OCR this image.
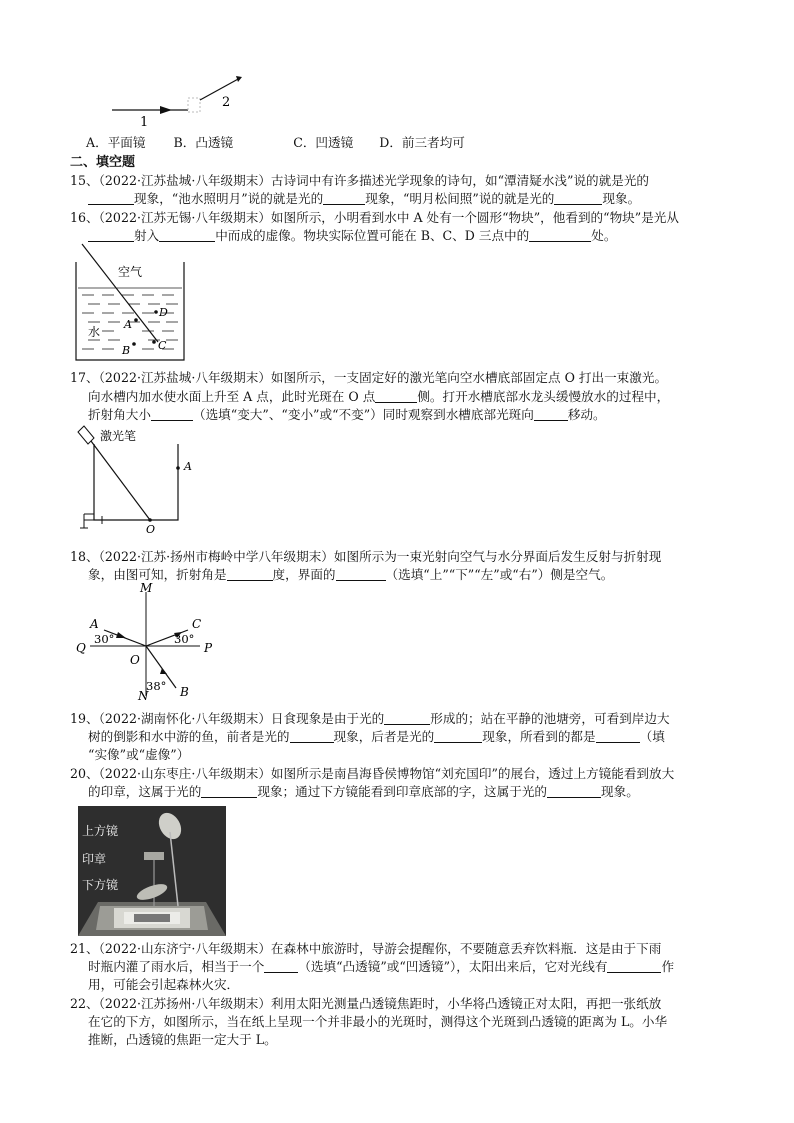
1
2
A．平面镜 B．凸透镜	C．凹透镜 D．前三者均可
二、填空题
15、（2022·江苏盐城·八年级期末）古诗词中有许多描述光学现象的诗句，如“潭清疑水浅”说的就是光的
现象，“池水照明月”说的就是光的	现象，“明月松间照”说的就是光的	现象。
16、（2022·江苏无锡·八年级期末）如图所示，小明看到水中 A 处有一个圆形“物块”，他看到的“物块”是光从
射入	中而成的虚像。物块实际位置可能在 B、C、D 三点中的	处。
空气
水
D
A
B	C
17、（2022·江苏盐城·八年级期末）如图所示，一支固定好的激光笔向空水槽底部固定点 O 打出一束激光。
向水槽内加水使水面上升至 A 点，此时光斑在 O 点	侧。打开水槽底部水龙头缓慢放水的过程中，
折射角大小	（选填“变大”、“变小”或“不变”）同时观察到水槽底部光斑向	移动。
激光笔
A
O
18、（2022·江苏·扬州市梅岭中学八年级期末）如图所示为一束光射向空气与水分界面后发生反射与折射现
象，由图可知，折射角是	度，界面的	（选填“上”“下”“左”或“右”）侧是空气。
M
A	C
30°	30°
Q	P
O
38°
N	B
19、（2022·湖南怀化·八年级期末）日食现象是由于光的	形成的；站在平静的池塘旁，可看到岸边大
树的倒影和水中游的鱼，前者是光的	现象，后者是光的	现象，所看到的都是	（填
“实像”或“虚像”）
20、（2022·山东枣庄·八年级期末）如图所示是南昌海昏侯博物馆“刘充国印”的展台，透过上方镜能看到放大
的印章，这属于光的	现象；通过下方镜能看到印章底部的字，这属于光的	现象。
上方镜
印章
下方镜
21、（2022·山东济宁·八年级期末）在森林中旅游时，导游会提醒你，不要随意丢弃饮料瓶．这是由于下雨
时瓶内灌了雨水后，相当于一个	（选填“凸透镜”或“凹透镜”），太阳出来后，它对光线有	作
用，可能会引起森林火灾．
22、（2022·江苏扬州·八年级期末）利用太阳光测量凸透镜焦距时，小华将凸透镜正对太阳，再把一张纸放
在它的下方，如图所示，当在纸上呈现一个并非最小的光斑时，测得这个光斑到凸透镜的距离为 L。小华
推断，凸透镜的焦距一定大于 L。
